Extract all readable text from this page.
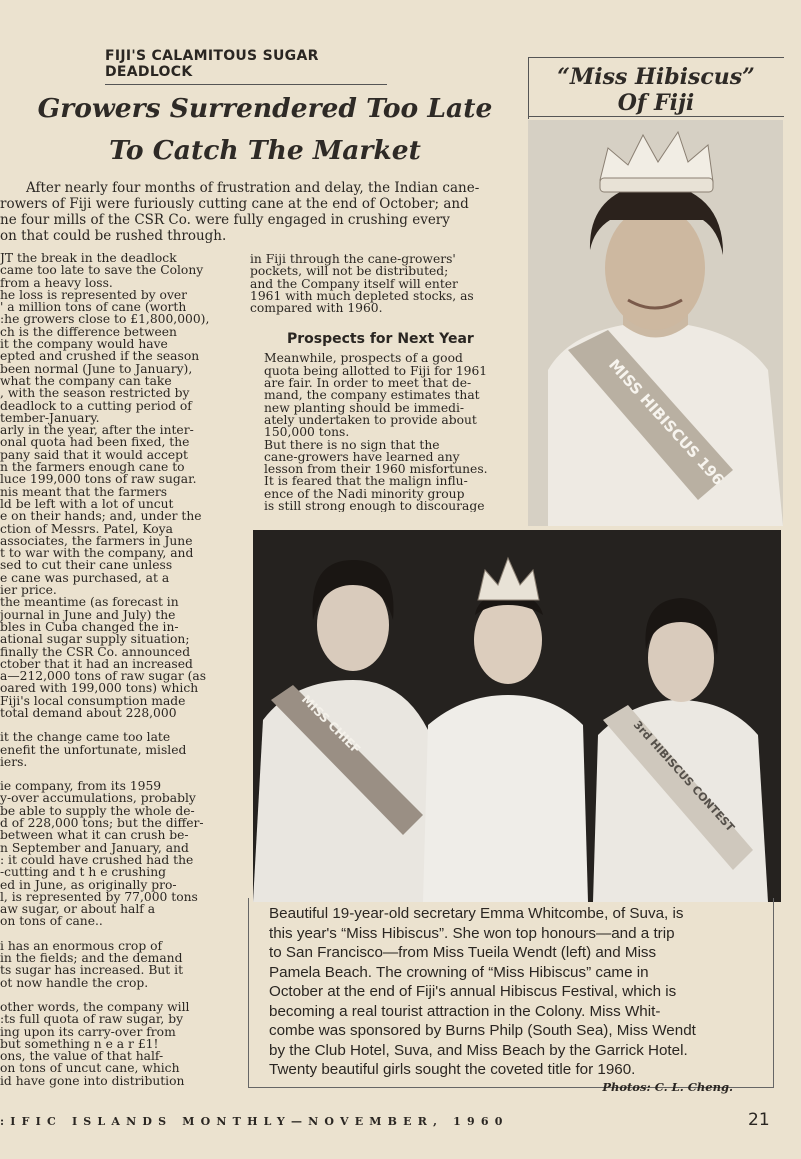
FIJI'S CALAMITOUS SUGAR DEADLOCK
Growers Surrendered Too Late
To Catch The Market
After nearly four months of frustration and delay, the Indian cane-
rowers of Fiji were furiously cutting cane at the end of October; and
ne four mills of the CSR Co. were fully engaged in crushing every
on that could be rushed through.
JT the break in the deadlock
came too late to save the Colony
from a heavy loss.
he loss is represented by over
' a million tons of cane (worth
:he growers close to £1,800,000),
ch is the difference between
it the company would have
epted and crushed if the season
been normal (June to January),
what the company can take
, with the season restricted by
deadlock to a cutting period of
tember-January.
arly in the year, after the inter-
onal quota had been fixed, the
pany said that it would accept
n the farmers enough cane to
luce 199,000 tons of raw sugar.
nis meant that the farmers
ld be left with a lot of uncut
e on their hands; and, under the
ction of Messrs. Patel, Koya
associates, the farmers in June
t to war with the company, and
sed to cut their cane unless
e cane was purchased, at a
ier price.
the meantime (as forecast in
journal in June and July) the
bles in Cuba changed the in-
ational sugar supply situation;
finally the CSR Co. announced
ctober that it had an increased
a—212,000 tons of raw sugar (as
oared with 199,000 tons) which
Fiji's local consumption made
total demand about 228,000
it the change came too late
enefit the unfortunate, misled
iers.
ie company, from its 1959
y-over accumulations, probably
be able to supply the whole de-
d of 228,000 tons; but the differ-
between what it can crush be-
n September and January, and
: it could have crushed had the
-cutting and t h e crushing
ed in June, as originally pro-
l, is represented by 77,000 tons
aw sugar, or about half a
on tons of cane..
i has an enormous crop of
in the fields; and the demand
ts sugar has increased. But it
ot now handle the crop.
other words, the company will
:ts full quota of raw sugar, by
ing upon its carry-over from
but something n e a r £1!
ons, the value of that half-
on tons of uncut cane, which
id have gone into distribution
in Fiji through the cane-growers'
pockets, will not be distributed;
and the Company itself will enter
1961 with much depleted stocks, as
compared with 1960.
Prospects for Next Year
Meanwhile, prospects of a good
quota being allotted to Fiji for 1961
are fair. In order to meet that de-
mand, the company estimates that
new planting should be immedi-
ately undertaken to provide about
150,000 tons.
But there is no sign that the
cane-growers have learned any
lesson from their 1960 misfortunes.
It is feared that the malign influ-
ence of the Nadi minority group
is still strong enough to discourage
“Miss Hibiscus”
Of Fiji
MISS HIBISCUS 196
MISS CHIEF	3rd HIBISCUS CONTEST
Beautiful 19-year-old secretary Emma Whitcombe, of Suva, is
this year's “Miss Hibiscus”. She won top honours—and a trip
to San Francisco—from Miss Tueila Wendt (left) and Miss
Pamela Beach. The crowning of “Miss Hibiscus” came in
October at the end of Fiji's annual Hibiscus Festival, which is
becoming a real tourist attraction in the Colony. Miss Whit-
combe was sponsored by Burns Philp (South Sea), Miss Wendt
by the Club Hotel, Suva, and Miss Beach by the Garrick Hotel.
Twenty beautiful girls sought the coveted title for 1960.
Photos: C. L. Cheng.
:IFIC ISLANDS MONTHLY—NOVEMBER, 1960	21
